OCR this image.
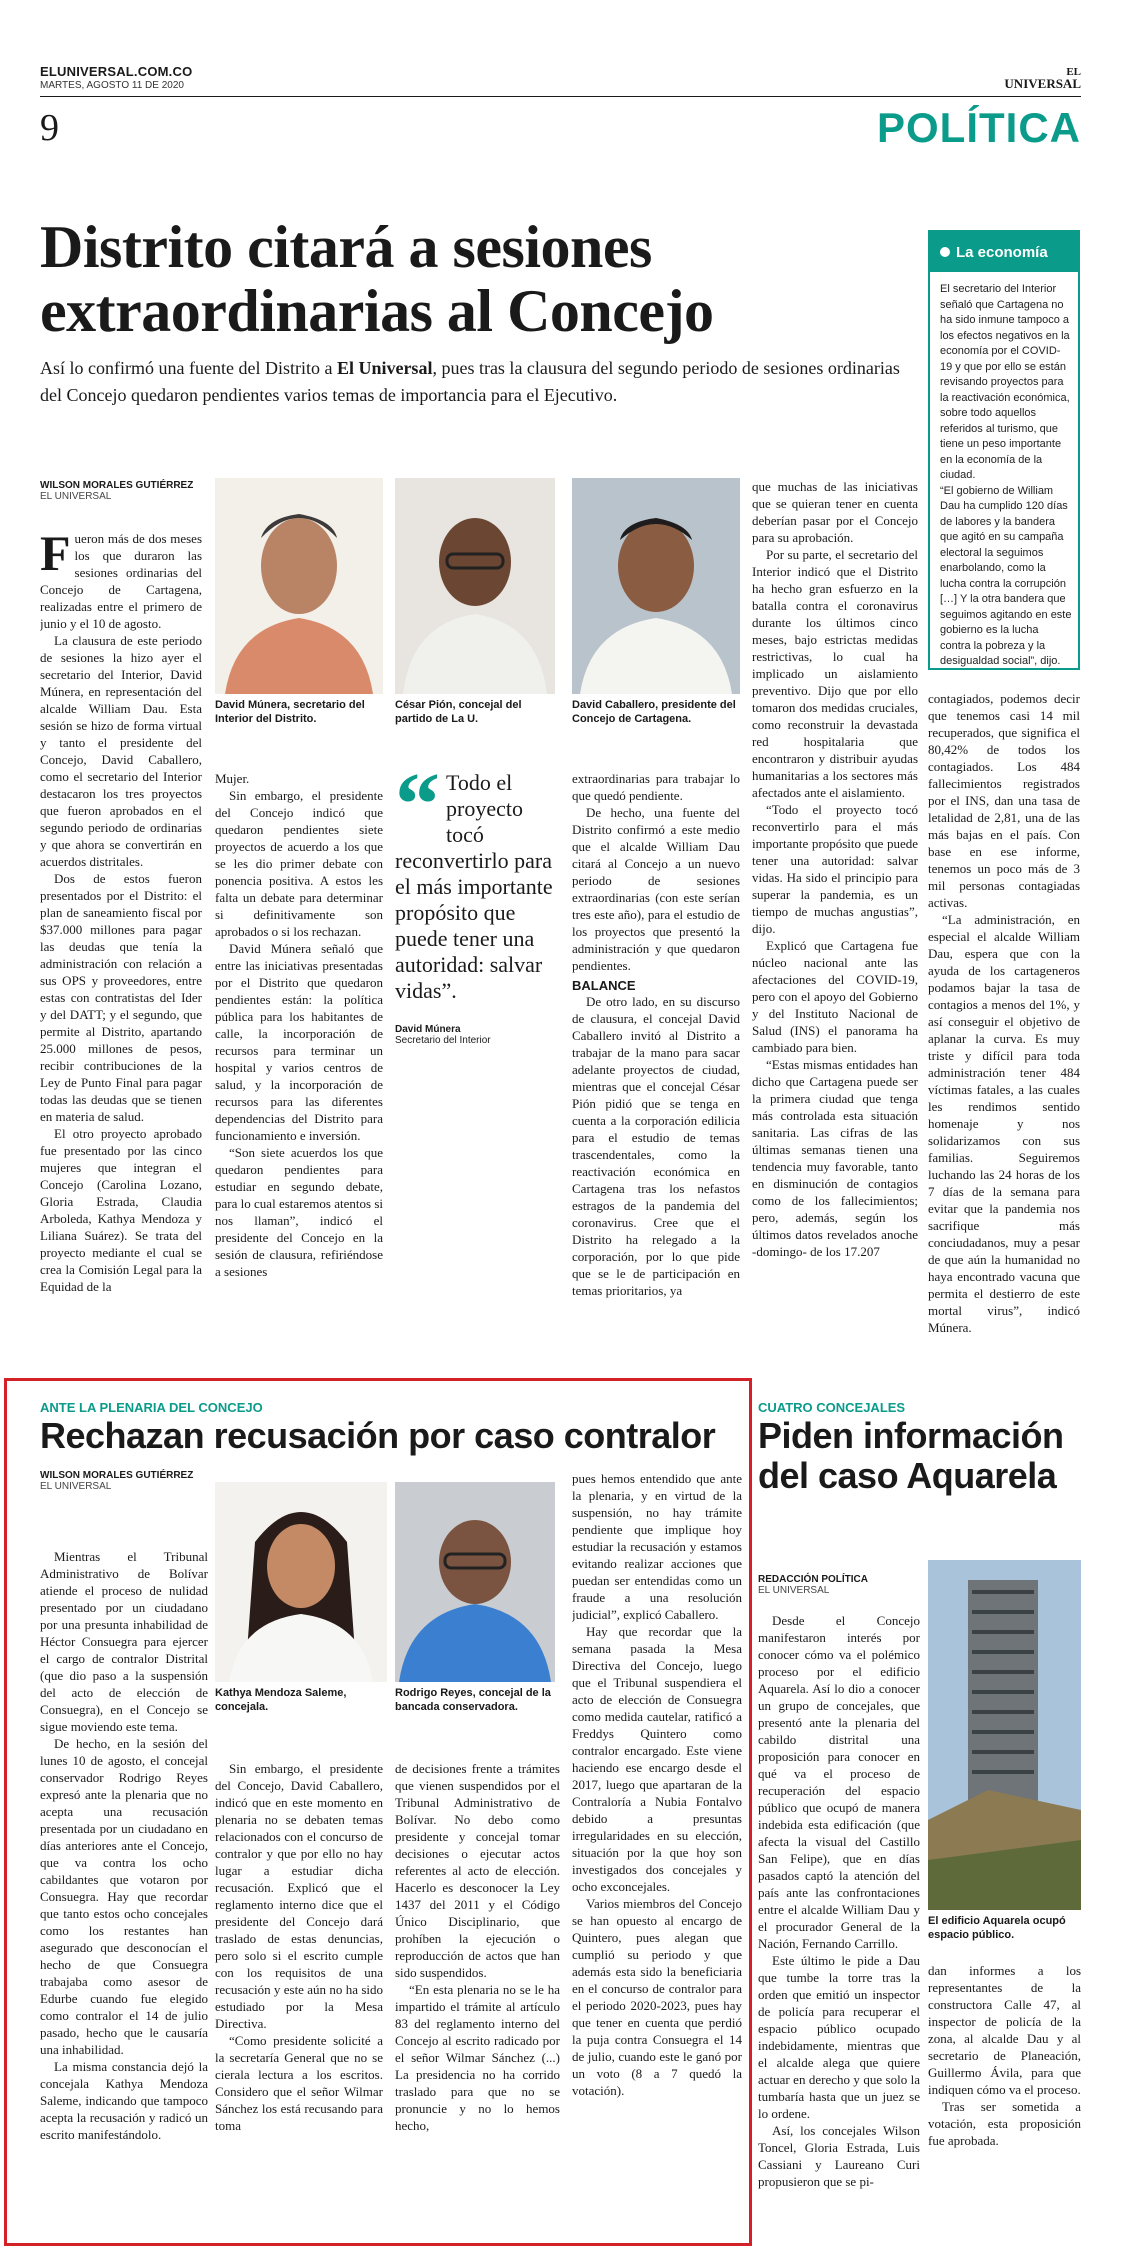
ELUNIVERSAL.COM.CO
MARTES, AGOSTO 11 DE 2020
EL
UNIVERSAL
9	POLÍTICA
Distrito citará a sesiones extraordinarias al Concejo
Así lo confirmó una fuente del Distrito a El Universal, pues tras la clausura del segundo periodo de sesiones ordinarias del Concejo quedaron pendientes varios temas de importancia para el Ejecutivo.
La economía

El secretario del Interior señaló que Cartagena no ha sido inmune tampoco a los efectos negativos en la economía por el COVID-19 y que por ello se están revisando proyectos para la reactivación económica, sobre todo aquellos referidos al turismo, que tiene un peso importante en la economía de la ciudad.

“El gobierno de William Dau ha cumplido 120 días de labores y la bandera que agitó en su campaña electoral la seguimos enarbolando, como la lucha contra la corrupción […] Y la otra bandera que seguimos agitando en este gobierno es la lucha contra la pobreza y la desigualdad social”, dijo.

WILSON MORALES GUTIÉRREZ
EL UNIVERSAL

Fueron más de dos meses los que duraron las sesiones ordinarias del Concejo de Cartagena, realizadas entre el primero de junio y el 10 de agosto.

La clausura de este periodo de sesiones la hizo ayer el secretario del Interior, David Múnera, en representación del alcalde William Dau. Esta sesión se hizo de forma virtual y tanto el presidente del Concejo, David Caballero, como el secretario del Interior destacaron los tres proyectos que fueron aprobados en el segundo periodo de ordinarias y que ahora se convertirán en acuerdos distritales.

Dos de estos fueron presentados por el Distrito: el plan de saneamiento fiscal por $37.000 millones para pagar las deudas que tenía la administración con relación a sus OPS y proveedores, entre estas con contratistas del Ider y del DATT; y el segundo, que permite al Distrito, apartando 25.000 millones de pesos, recibir contribuciones de la Ley de Punto Final para pagar todas las deudas que se tienen en materia de salud.

El otro proyecto aprobado fue presentado por las cinco mujeres que integran el Concejo (Carolina Lozano, Gloria Estrada, Claudia Arboleda, Kathya Mendoza y Liliana Suárez). Se trata del proyecto mediante el cual se crea la Comisión Legal para la Equidad de la

David Múnera, secretario del Interior del Distrito.
César Pión, concejal del partido de La U.
David Caballero, presidente del Concejo de Cartagena.

Mujer.

Sin embargo, el presidente del Concejo indicó que quedaron pendientes siete proyectos de acuerdo a los que se les dio primer debate con ponencia positiva. A estos les falta un debate para determinar si definitivamente son aprobados o si los rechazan.

David Múnera señaló que entre las iniciativas presentadas por el Distrito que quedaron pendientes están: la política pública para los habitantes de calle, la incorporación de recursos para terminar un hospital y varios centros de salud, y la incorporación de recursos para las diferentes dependencias del Distrito para funcionamiento e inversión.

“Son siete acuerdos los que quedaron pendientes para estudiar en segundo debate, para lo cual estaremos atentos si nos llaman”, indicó el presidente del Concejo en la sesión de clausura, refiriéndose a sesiones

“ Todo el proyecto tocó reconvertirlo para el más importante propósito que puede tener una autoridad: salvar vidas”.
David Múnera
Secretario del Interior

extraordinarias para trabajar lo que quedó pendiente.

De hecho, una fuente del Distrito confirmó a este medio que el alcalde William Dau citará al Concejo a un nuevo periodo de sesiones extraordinarias (con este serían tres este año), para el estudio de los proyectos que presentó la administración y que quedaron pendientes.

BALANCE

De otro lado, en su discurso de clausura, el concejal David Caballero invitó al Distrito a trabajar de la mano para sacar adelante proyectos de ciudad, mientras que el concejal César Pión pidió que se tenga en cuenta a la corporación edilicia para el estudio de temas trascendentales, como la reactivación económica en Cartagena tras los nefastos estragos de la pandemia del coronavirus. Cree que el Distrito ha relegado a la corporación, por lo que pide que se le de participación en temas prioritarios, ya

que muchas de las iniciativas que se quieran tener en cuenta deberían pasar por el Concejo para su aprobación.

Por su parte, el secretario del Interior indicó que el Distrito ha hecho gran esfuerzo en la batalla contra el coronavirus durante los últimos cinco meses, bajo estrictas medidas restrictivas, lo cual ha implicado un aislamiento preventivo. Dijo que por ello tomaron dos medidas cruciales, como reconstruir la devastada red hospitalaria que encontraron y distribuir ayudas humanitarias a los sectores más afectados ante el aislamiento.

“Todo el proyecto tocó reconvertirlo para el más importante propósito que puede tener una autoridad: salvar vidas. Ha sido el principio para superar la pandemia, es un tiempo de muchas angustias”, dijo.

Explicó que Cartagena fue núcleo nacional ante las afectaciones del COVID-19, pero con el apoyo del Gobierno y del Instituto Nacional de Salud (INS) el panorama ha cambiado para bien.

“Estas mismas entidades han dicho que Cartagena puede ser la primera ciudad que tenga más controlada esta situación sanitaria. Las cifras de las últimas semanas tienen una tendencia muy favorable, tanto en disminución de contagios como de los fallecimientos; pero, además, según los últimos datos revelados anoche -domingo- de los 17.207

contagiados, podemos decir que tenemos casi 14 mil recuperados, que significa el 80,42% de todos los contagiados. Los 484 fallecimientos registrados por el INS, dan una tasa de letalidad de 2,81, una de las más bajas en el país. Con base en ese informe, tenemos un poco más de 3 mil personas contagiadas activas.

“La administración, en especial el alcalde William Dau, espera que con la ayuda de los cartageneros podamos bajar la tasa de contagios a menos del 1%, y así conseguir el objetivo de aplanar la curva. Es muy triste y difícil para toda administración tener 484 víctimas fatales, a las cuales les rendimos sentido homenaje y nos solidarizamos con sus familias. Seguiremos luchando las 24 horas de los 7 días de la semana para evitar que la pandemia nos sacrifique más conciudadanos, muy a pesar de que aún la humanidad no haya encontrado vacuna que permita el destierro de este mortal virus”, indicó Múnera.

ANTE LA PLENARIA DEL CONCEJO
Rechazan recusación por caso contralor
WILSON MORALES GUTIÉRREZ
EL UNIVERSAL

Mientras el Tribunal Administrativo de Bolívar atiende el proceso de nulidad presentado por un ciudadano por una presunta inhabilidad de Héctor Consuegra para ejercer el cargo de contralor Distrital (que dio paso a la suspensión del acto de elección de Consuegra), en el Concejo se sigue moviendo este tema.

De hecho, en la sesión del lunes 10 de agosto, el concejal conservador Rodrigo Reyes expresó ante la plenaria que no acepta una recusación presentada por un ciudadano en días anteriores ante el Concejo, que va contra los ocho cabildantes que votaron por Consuegra. Hay que recordar que tanto estos ocho concejales como los restantes han asegurado que desconocían el hecho de que Consuegra trabajaba como asesor de Edurbe cuando fue elegido como contralor el 14 de julio pasado, hecho que le causaría una inhabilidad.

La misma constancia dejó la concejala Kathya Mendoza Saleme, indicando que tampoco acepta la recusación y radicó un escrito manifestándolo.

Kathya Mendoza Saleme, concejala.
Rodrigo Reyes, concejal de la bancada conservadora.

Sin embargo, el presidente del Concejo, David Caballero, indicó que en este momento en plenaria no se debaten temas relacionados con el concurso de contralor y que por ello no hay lugar a estudiar dicha recusación. Explicó que el reglamento interno dice que el presidente del Concejo dará traslado de estas denuncias, pero solo si el escrito cumple con los requisitos de una recusación y este aún no ha sido estudiado por la Mesa Directiva.

“Como presidente solicité a la secretaría General que no se cierala lectura a los escritos. Considero que el señor Wilmar Sánchez los está recusando para toma

de decisiones frente a trámites que vienen suspendidos por el Tribunal Administrativo de Bolívar. No debo como presidente y concejal tomar decisiones o ejecutar actos referentes al acto de elección. Hacerlo es desconocer la Ley 1437 del 2011 y el Código Único Disciplinario, que prohíben la ejecución o reproducción de actos que han sido suspendidos.

“En esta plenaria no se le ha impartido el trámite al artículo 83 del reglamento interno del Concejo al escrito radicado por el señor Wilmar Sánchez (...) La presidencia no ha corrido traslado para que no se pronuncie y no lo hemos hecho,

pues hemos entendido que ante la plenaria, y en virtud de la suspensión, no hay trámite pendiente que implique hoy estudiar la recusación y estamos evitando realizar acciones que puedan ser entendidas como un fraude a una resolución judicial”, explicó Caballero.

Hay que recordar que la semana pasada la Mesa Directiva del Concejo, luego que el Tribunal suspendiera el acto de elección de Consuegra como medida cautelar, ratificó a Freddys Quintero como contralor encargado. Este viene haciendo ese encargo desde el 2017, luego que apartaran de la Contraloría a Nubia Fontalvo debido a presuntas irregularidades en su elección, situación por la que hoy son investigados dos concejales y ocho exconcejales.

Varios miembros del Concejo se han opuesto al encargo de Quintero, pues alegan que cumplió su periodo y que además esta sido la beneficiaria en el concurso de contralor para el periodo 2020-2023, pues hay que tener en cuenta que perdió la puja contra Consuegra el 14 de julio, cuando este le ganó por un voto (8 a 7 quedó la votación).

CUATRO CONCEJALES
Piden información del caso Aquarela
REDACCIÓN POLÍTICA
EL UNIVERSAL

Desde el Concejo manifestaron interés por conocer cómo va el polémico proceso por el edificio Aquarela. Así lo dio a conocer un grupo de concejales, que presentó ante la plenaria del cabildo distrital una proposición para conocer en qué va el proceso de recuperación del espacio público que ocupó de manera indebida esta edificación (que afecta la visual del Castillo San Felipe), que en días pasados captó la atención del país ante las confrontaciones entre el alcalde William Dau y el procurador General de la Nación, Fernando Carrillo.

Este último le pide a Dau que tumbe la torre tras la orden que emitió un inspector de policía para recuperar el espacio público ocupado indebidamente, mientras que el alcalde alega que quiere actuar en derecho y que solo la tumbaría hasta que un juez se lo ordene.

Así, los concejales Wilson Toncel, Gloria Estrada, Luis Cassiani y Laureano Curi propusieron que se pi-

El edificio Aquarela ocupó espacio público.

dan informes a los representantes de la constructora Calle 47, al inspector de policía de la zona, al alcalde Dau y al secretario de Planeación, Guillermo Ávila, para que indiquen cómo va el proceso.

Tras ser sometida a votación, esta proposición fue aprobada.
